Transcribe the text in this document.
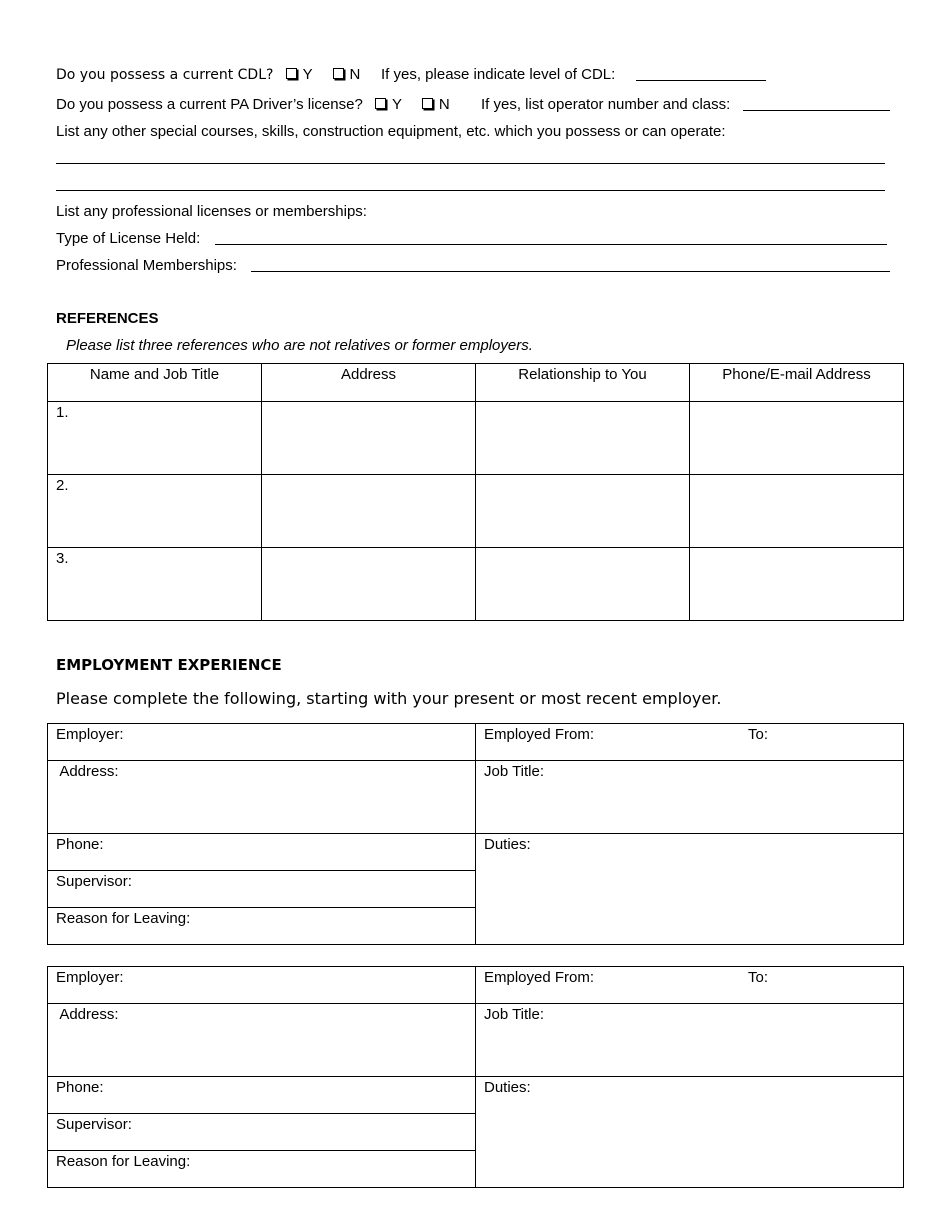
Do you possess a current CDL? Y N If yes, please indicate level of CDL:
Do you possess a current PA Driver’s license? Y N If yes, list operator number and class:
List any other special courses, skills, construction equipment, etc. which you possess or can operate:
List any professional licenses or memberships:
Type of License Held:
Professional Memberships:
REFERENCES
Please list three references who are not relatives or former employers.
Name and Job Title	Address	Relationship to You	Phone/E-mail Address
1.			
2.			
3.			
EMPLOYMENT EXPERIENCE
Please complete the following, starting with your present or most recent employer.
Employer:	Employed From: To:

Address:	Job Title:

Phone:	Duties:

Supervisor:	

Reason for Leaving:	
Employer:	Employed From: To:

Address:	Job Title:

Phone:	Duties:

Supervisor:	

Reason for Leaving:	
